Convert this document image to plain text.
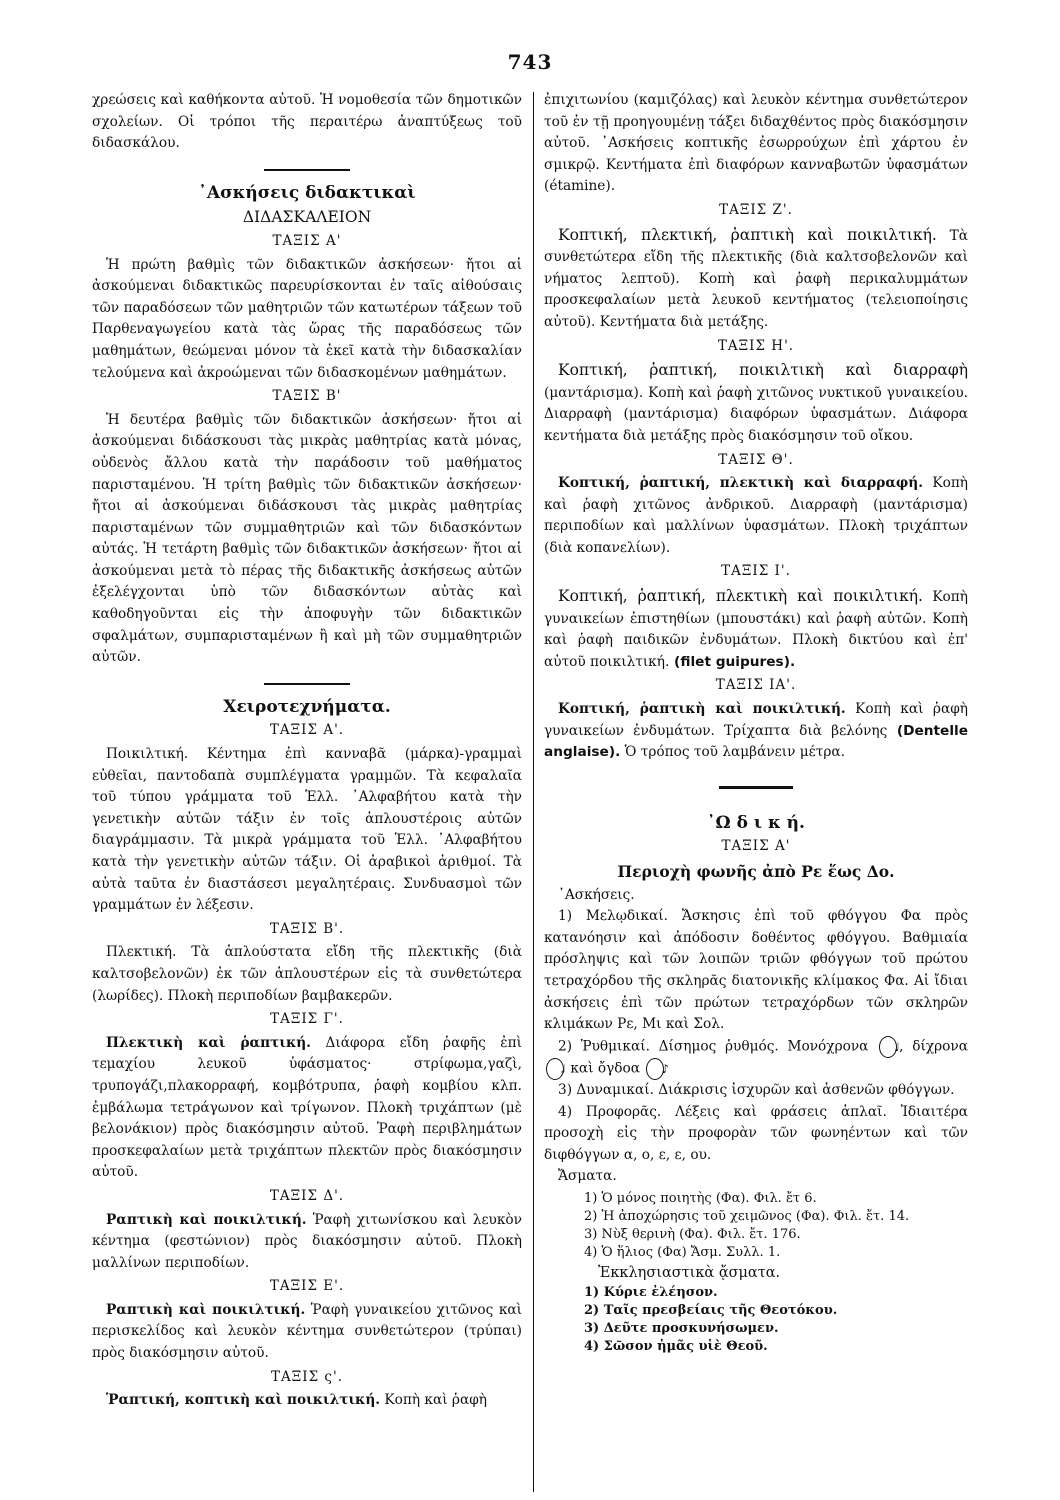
743

χρεώσεις καὶ καθήκοντα αὐτοῦ. Ἡ νομοθεσία τῶν δημοτικῶν σχολείων. Οἱ τρόποι τῆς περαιτέρω ἀναπτύξεως τοῦ διδασκάλου.

᾿Ασκήσεις διδακτικαὶ
ΔΙΔΑΣΚΑΛΕΙΟΝ
ΤΑΞΙΣ Α'

Ἡ πρώτη βαθμὶς τῶν διδακτικῶν ἀσκήσεων· ἤτοι αἱ ἀσκούμεναι διδακτικῶς παρευρίσκονται ἐν ταῖς αἰθούσαις τῶν παραδόσεων τῶν μαθητριῶν τῶν κατωτέρων τάξεων τοῦ Παρθεναγωγείου κατὰ τὰς ὥρας τῆς παραδόσεως τῶν μαθημάτων, θεώμεναι μόνον τὰ ἐκεῖ κατὰ τὴν διδασκαλίαν τελούμενα καὶ ἀκροώμεναι τῶν διδασκομένων μαθημάτων.

ΤΑΞΙΣ Β'

Ἡ δευτέρα βαθμὶς τῶν διδακτικῶν ἀσκήσεων· ἤτοι αἱ ἀσκούμεναι διδάσκουσι τὰς μικρὰς μαθητρίας κατὰ μόνας, οὐδενὸς ἄλλου κατὰ τὴν παράδοσιν τοῦ μαθήματος παρισταμένου. Ἡ τρίτη βαθμὶς τῶν διδακτικῶν ἀσκήσεων· ἤτοι αἱ ἀσκούμεναι διδάσκουσι τὰς μικρὰς μαθητρίας παρισταμένων τῶν συμμαθητριῶν καὶ τῶν διδασκόντων αὐτάς. Ἡ τετάρτη βαθμὶς τῶν διδακτικῶν ἀσκήσεων· ἤτοι αἱ ἀσκούμεναι μετὰ τὸ πέρας τῆς διδακτικῆς ἀσκήσεως αὐτῶν ἐξελέγχονται ὑπὸ τῶν διδασκόντων αὐτὰς καὶ καθοδηγοῦνται εἰς τὴν ἀποφυγὴν τῶν διδακτικῶν σφαλμάτων, συμπαρισταμένων ἢ καὶ μὴ τῶν συμμαθητριῶν αὐτῶν.

Χειροτεχνήματα.
ΤΑΞΙΣ Α'.

Ποικιλτική. Κέντημα ἐπὶ κανναβᾶ (μάρκα)-γραμμαὶ εὐθεῖαι, παντοδαπὰ συμπλέγματα γραμμῶν. Τὰ κεφαλαῖα τοῦ τύπου γράμματα τοῦ Ἑλλ. ᾿Αλφαβήτου κατὰ τὴν γενετικὴν αὐτῶν τάξιν ἐν τοῖς ἁπλουστέροις αὐτῶν διαγράμμασιν. Τὰ μικρὰ γράμματα τοῦ Ἑλλ. ᾿Αλφαβήτου κατὰ τὴν γενετικὴν αὐτῶν τάξιν. Οἱ ἀραβικοὶ ἀριθμοί. Τὰ αὐτὰ ταῦτα ἐν διαστάσεσι μεγαλητέραις. Συνδυασμοὶ τῶν γραμμάτων ἐν λέξεσιν.

ΤΑΞΙΣ Β'.

Πλεκτική. Τὰ ἁπλούστατα εἴδη τῆς πλεκτικῆς (διὰ καλτσοβελονῶν) ἐκ τῶν ἁπλουστέρων εἰς τὰ συνθετώτερα (λωρίδες). Πλοκὴ περιποδίων βαμβακερῶν.

ΤΑΞΙΣ Γ'.

Πλεκτικὴ καὶ ῥαπτική. Διάφορα εἴδη ῥαφῆς ἐπὶ τεμαχίου λευκοῦ ὑφάσματος· στρίφωμα,γαζὶ, τρυπογάζι,πλακορραφή, κομβότρυπα, ῥαφὴ κομβίου κλπ. ἐμβάλωμα τετράγωνον καὶ τρίγωνον. Πλοκὴ τριχάπτων (μὲ βελονάκιον) πρὸς διακόσμησιν αὐτοῦ. Ῥαφὴ περιβλημάτων προσκεφαλαίων μετὰ τριχάπτων πλεκτῶν πρὸς διακόσμησιν αὐτοῦ.

ΤΑΞΙΣ Δ'.

Ραπτικὴ καὶ ποικιλτική. Ῥαφὴ χιτωνίσκου καὶ λευκὸν κέντημα (φεστώνιον) πρὸς διακόσμησιν αὐτοῦ. Πλοκὴ μαλλίνων περιποδίων.

ΤΑΞΙΣ Ε'.

Ραπτικὴ καὶ ποικιλτική. Ῥαφὴ γυναικείου χιτῶνος καὶ περισκελίδος καὶ λευκὸν κέντημα συνθετώτερον (τρύπαι) πρὸς διακόσμησιν αὐτοῦ.

ΤΑΞΙΣ ς'.

Ῥαπτική, κοπτικὴ καὶ ποικιλτική. Κοπὴ καὶ ῥαφὴ

ἐπιχιτωνίου (καμιζόλας) καὶ λευκὸν κέντημα συνθετώτερον τοῦ ἐν τῇ προηγουμένῃ τάξει διδαχθέντος πρὸς διακόσμησιν αὐτοῦ. ᾿Ασκήσεις κοπτικῆς ἐσωρρούχων ἐπὶ χάρτου ἐν σμικρῷ. Κεντήματα ἐπὶ διαφόρων κανναβωτῶν ὑφασμάτων (étamine).

ΤΑΞΙΣ Ζ'.

Κοπτική, πλεκτική, ῥαπτικὴ καὶ ποικιλτική. Τὰ συνθετώτερα εἴδη τῆς πλεκτικῆς (διὰ καλτσοβελονῶν καὶ νήματος λεπτοῦ). Κοπὴ καὶ ῥαφὴ περικαλυμμάτων προσκεφαλαίων μετὰ λευκοῦ κεντήματος (τελειοποίησις αὐτοῦ). Κεντήματα διὰ μετάξης.

ΤΑΞΙΣ Η'.

Κοπτική, ῥαπτική, ποικιλτικὴ καὶ διαρραφὴ (μαντάρισμα). Κοπὴ καὶ ῥαφὴ χιτῶνος νυκτικοῦ γυναικείου. Διαρραφὴ (μαντάρισμα) διαφόρων ὑφασμάτων. Διάφορα κεντήματα διὰ μετάξης πρὸς διακόσμησιν τοῦ οἴκου.

ΤΑΞΙΣ Θ'.

Κοπτική, ῥαπτική, πλεκτικὴ καὶ διαρραφή. Κοπὴ καὶ ῥαφὴ χιτῶνος ἀνδρικοῦ. Διαρραφὴ (μαντάρισμα) περιποδίων καὶ μαλλίνων ὑφασμάτων. Πλοκὴ τριχάπτων (διὰ κοπανελίων).

ΤΑΞΙΣ Ι'.

Κοπτική, ῥαπτική, πλεκτικὴ καὶ ποικιλτική. Κοπὴ γυναικείων ἐπιστηθίων (μπουστάκι) καὶ ῥαφὴ αὐτῶν. Κοπὴ καὶ ῥαφὴ παιδικῶν ἐνδυμάτων. Πλοκὴ δικτύου καὶ ἐπ' αὐτοῦ ποικιλτική. (filet guipures).

ΤΑΞΙΣ ΙΑ'.

Κοπτική, ῥαπτικὴ καὶ ποικιλτική. Κοπὴ καὶ ῥαφὴ γυναικείων ἐνδυμάτων. Τρίχαπτα διὰ βελόνης (Dentelle anglaise). Ὁ τρόπος τοῦ λαμβάνειν μέτρα.

᾿Ω δ ι κ ή.
ΤΑΞΙΣ Α'
Περιοχὴ φωνῆς ἀπὸ Ρε ἕως Δο.

᾿Ασκήσεις.

1) Μελῳδικαί. Ἄσκησις ἐπὶ τοῦ φθόγγου Φα πρὸς κατανόησιν καὶ ἀπόδοσιν δοθέντος φθόγγου. Βαθμιαία πρόσληψις καὶ τῶν λοιπῶν τριῶν φθόγγων τοῦ πρώτου τετραχόρδου τῆς σκληρᾶς διατονικῆς κλίμακος Φα. Αἱ ἴδιαι ἀσκήσεις ἐπὶ τῶν πρώτων τετραχόρδων τῶν σκληρῶν κλιμάκων Ρε, Μι καὶ Σολ.

2) Ῥυθμικαί. Δίσημος ῥυθμός. Μονόχρονα ♩, δίχρονα 𝅗𝅥 καὶ ὄγδοα ♪

3) Δυναμικαί. Διάκρισις ἰσχυρῶν καὶ ἀσθενῶν φθόγγων.

4) Προφορᾶς. Λέξεις καὶ φράσεις ἁπλαῖ. Ἰδιαιτέρα προσοχὴ εἰς τὴν προφορὰν τῶν φωνηέντων καὶ τῶν διφθόγγων α, ο, ε, ε, ου.

Ἄσματα.

1) Ὁ μόνος ποιητὴς (Φα). Φιλ. ἔτ 6.
2) Ἡ ἀποχώρησις τοῦ χειμῶνος (Φα). Φιλ. ἔτ. 14.
3) Νὺξ θερινὴ (Φα). Φιλ. ἔτ. 176.
4) Ὁ ἥλιος (Φα) Ἄσμ. Συλλ. 1.
Ἐκκλησιαστικὰ ᾄσματα.
1) Κύριε ἐλέησον.
2) Ταῖς πρεσβείαις τῆς Θεοτόκου.
3) Δεῦτε προσκυνήσωμεν.
4) Σῶσον ἡμᾶς υἱὲ Θεοῦ.
